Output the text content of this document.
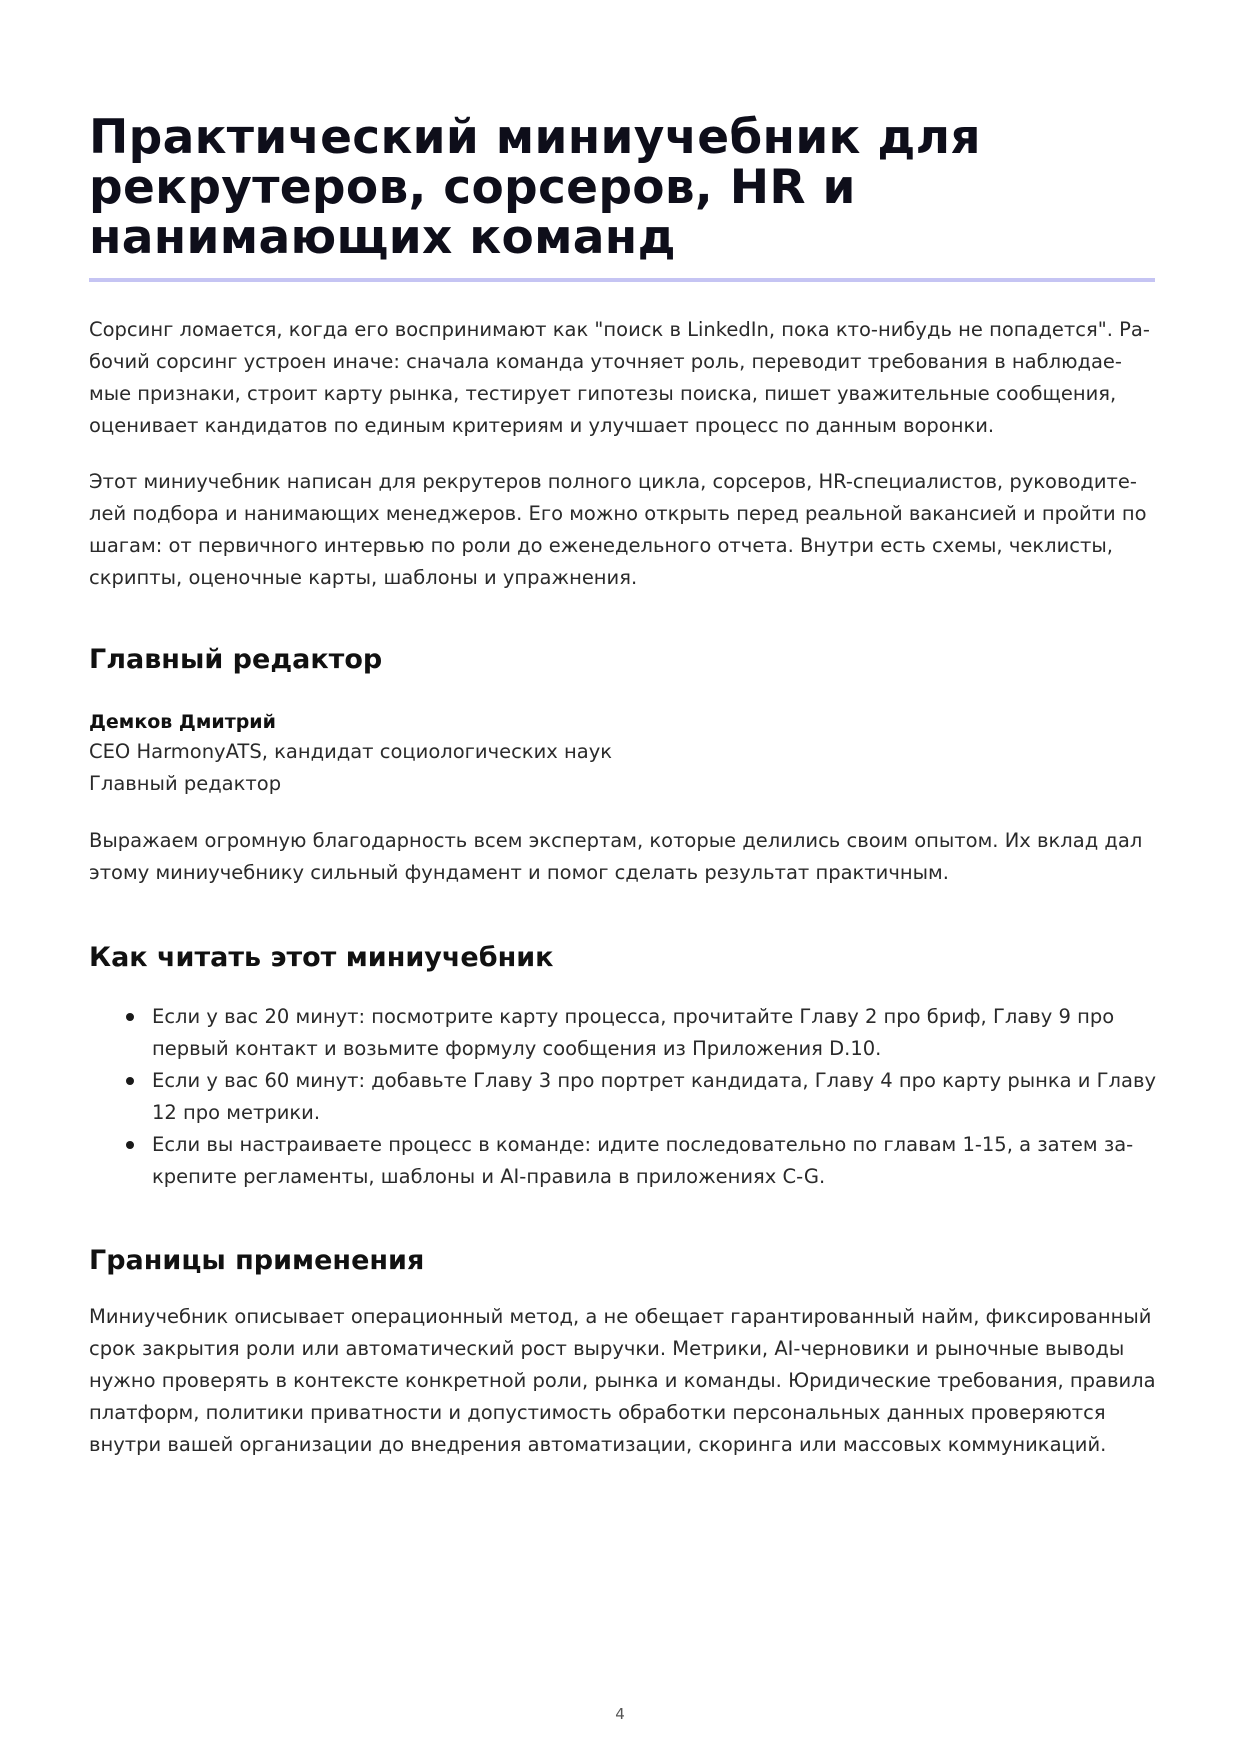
Практический миниучебник для
рекрутеров, сорсеров, HR и
нанимающих команд

Сорсинг ломается, когда его воспринимают как "поиск в LinkedIn, пока кто-нибудь не попадется". Ра-
бочий сорсинг устроен иначе: сначала команда уточняет роль, переводит требования в наблюдае-
мые признаки, строит карту рынка, тестирует гипотезы поиска, пишет уважительные сообщения,
оценивает кандидатов по единым критериям и улучшает процесс по данным воронки.

Этот миниучебник написан для рекрутеров полного цикла, сорсеров, HR-специалистов, руководите-
лей подбора и нанимающих менеджеров. Его можно открыть перед реальной вакансией и пройти по
шагам: от первичного интервью по роли до еженедельного отчета. Внутри есть схемы, чеклисты,
скрипты, оценочные карты, шаблоны и упражнения.

Главный редактор
Демков Дмитрий
CEO HarmonyATS, кандидат социологических наук
Главный редактор

Выражаем огромную благодарность всем экспертам, которые делились своим опытом. Их вклад дал
этому миниучебнику сильный фундамент и помог сделать результат практичным.

Как читать этот миниучебник
Если у вас 20 минут: посмотрите карту процесса, прочитайте Главу 2 про бриф, Главу 9 про
первый контакт и возьмите формулу сообщения из Приложения D.10.
Если у вас 60 минут: добавьте Главу 3 про портрет кандидата, Главу 4 про карту рынка и Главу
12 про метрики.
Если вы настраиваете процесс в команде: идите последовательно по главам 1-15, а затем за-
крепите регламенты, шаблоны и AI-правила в приложениях C-G.
Границы применения

Миниучебник описывает операционный метод, а не обещает гарантированный найм, фиксированный
срок закрытия роли или автоматический рост выручки. Метрики, AI-черновики и рыночные выводы
нужно проверять в контексте конкретной роли, рынка и команды. Юридические требования, правила
платформ, политики приватности и допустимость обработки персональных данных проверяются
внутри вашей организации до внедрения автоматизации, скоринга или массовых коммуникаций.

4
